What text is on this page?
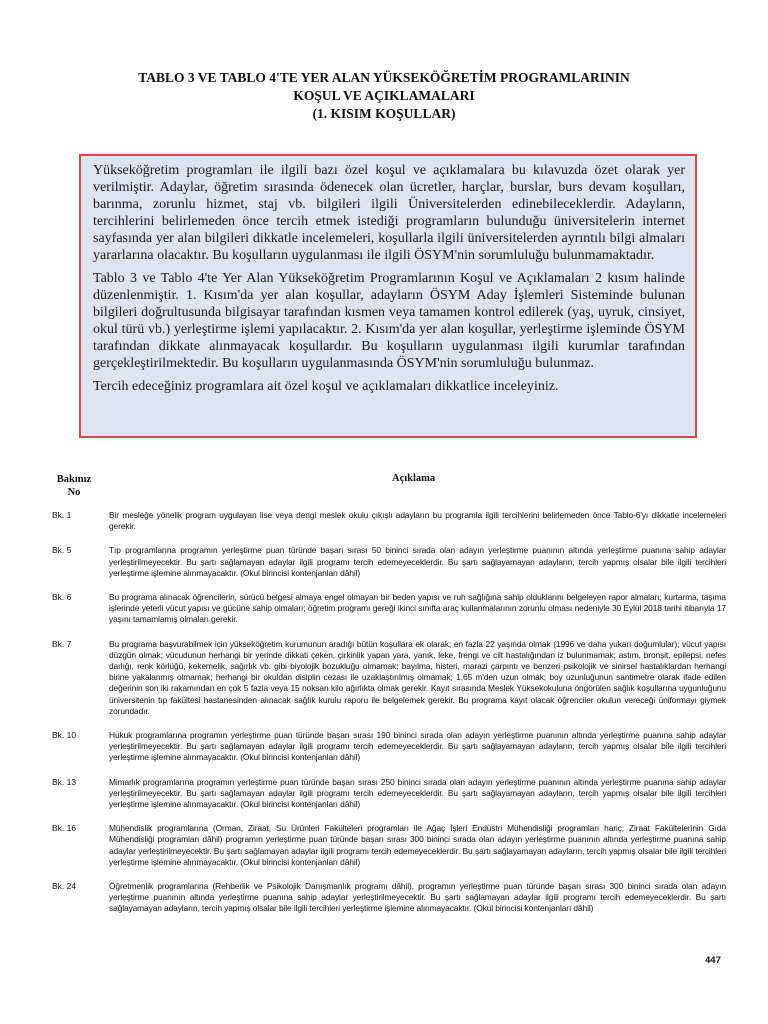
TABLO 3 VE TABLO 4'TE YER ALAN YÜKSEKÖĞRETİM PROGRAMLARININ
KOŞUL VE AÇIKLAMALARI
(1. KISIM KOŞULLAR)

Yükseköğretim programları ile ilgili bazı özel koşul ve açıklamalara bu kılavuzda özet olarak yer verilmiştir. Adaylar, öğretim sırasında ödenecek olan ücretler, harçlar, burslar, burs devam koşulları, barınma, zorunlu hizmet, staj vb. bilgileri ilgili Üniversitelerden edinebileceklerdir. Adayların, tercihlerini belirlemeden önce tercih etmek istediği programların bulunduğu üniversitelerin internet sayfasında yer alan bilgileri dikkatle incelemeleri, koşullarla ilgili üniversitelerden ayrıntılı bilgi almaları yararlarına olacaktır. Bu koşulların uygulanması ile ilgili ÖSYM'nin sorumluluğu bulunmamaktadır.

Tablo 3 ve Tablo 4'te Yer Alan Yükseköğretim Programlarının Koşul ve Açıklamaları 2 kısım halinde düzenlenmiştir. 1. Kısım'da yer alan koşullar, adayların ÖSYM Aday İşlemleri Sisteminde bulunan bilgileri doğrultusunda bilgisayar tarafından kısmen veya tamamen kontrol edilerek (yaş, uyruk, cinsiyet, okul türü vb.) yerleştirme işlemi yapılacaktır. 2. Kısım'da yer alan koşullar, yerleştirme işleminde ÖSYM tarafından dikkate alınmayacak koşullardır. Bu koşulların uygulanması ilgili kurumlar tarafından gerçekleştirilmektedir. Bu koşulların uygulanmasında ÖSYM'nin sorumluluğu bulunmaz.

Tercih edeceğiniz programlara ait özel koşul ve açıklamaları dikkatlice inceleyiniz.

Bakınız
No
Açıklama
Bk. 1	Bir mesleğe yönelik program uygulayan lise veya dengi meslek okulu çıkışlı adayların bu programla ilgili tercihlerini belirlemeden önce Tablo-6'yı dikkatle incelemeleri gerekir.
Bk. 5	Tıp programlarına programın yerleştirme puan türünde başarı sırası 50 bininci sırada olan adayın yerleştirme puanının altında yerleştirme puanına sahip adaylar yerleştirilmeyecektir. Bu şartı sağlamayan adaylar ilgili programı tercih edemeyeceklerdir. Bu şartı sağlayamayan adayların, tercih yapmış olsalar bile ilgili tercihleri yerleştirme işlemine alınmayacaktır. (Okul birincisi kontenjanları dâhil)
Bk. 6	Bu programa alınacak öğrencilerin, sürücü belgesi almaya engel olmayan bir beden yapısı ve ruh sağlığına sahip olduklarını belgeleyen rapor almaları; kurtarma, taşıma işlerinde yeterli vücut yapısı ve gücüne sahip olmaları; öğretim programı gereği ikinci sınıfta araç kullanmalarının zorunlu olması nedeniyle 30 Eylül 2018 tarihi itibarıyla 17 yaşını tamamlamış olmaları gerekir.
Bk. 7	Bu programa başvurabilmek için yükseköğretim kurumunun aradığı bütün koşullara ek olarak; en fazla 22 yaşında olmak (1996 ve daha yukarı doğumlular); vücut yapısı düzgün olmak; vücudunun herhangi bir yerinde dikkati çeken, çirkinlik yapan yara, yanık, leke, frengi ve cilt hastalığından iz bulunmamak; astım, bronşit, epilepsi, nefes darlığı, renk körlüğü, kekemelik, sağırlık vb. gibi biyolojik bozukluğu olmamak; bayılma, histeri, marazi çarpıntı ve benzeri psikolojik ve sinirsel hastalıklardan herhangi birine yakalanmış olmamak; herhangi bir okuldan disiplin cezası ile uzaklaştırılmış olmamak; 1,65 m'den uzun olmak; boy uzunluğunun santimetre olarak ifade edilen değerinin son iki rakamından en çok 5 fazla veya 15 noksan kilo ağırlıkta olmak gerekir. Kayıt sırasında Meslek Yüksekokuluna öngörülen sağlık koşullarına uygunluğunu üniversitenin tıp fakültesi hastanesinden alınacak sağlık kurulu raporu ile belgelemek gerekir. Bu programa kayıt olacak öğrenciler okulun vereceği üniformayı giymek zorundadır.
Bk. 10	Hukuk programlarına programın yerleştirme puan türünde başarı sırası 190 bininci sırada olan adayın yerleştirme puanının altında yerleştirme puanına sahip adaylar yerleştirilmeyecektir. Bu şartı sağlamayan adaylar ilgili programı tercih edemeyeceklerdir. Bu şartı sağlayamayan adayların, tercih yapmış olsalar bile ilgili tercihleri yerleştirme işlemine alınmayacaktır. (Okul birincisi kontenjanları dâhil)
Bk. 13	Mimarlık programlarına programın yerleştirme puan türünde başarı sırası 250 bininci sırada olan adayın yerleştirme puanının altında yerleştirme puanına sahip adaylar yerleştirilmeyecektir. Bu şartı sağlamayan adaylar ilgili programı tercih edemeyeceklerdir. Bu şartı sağlayamayan adayların, tercih yapmış olsalar bile ilgili tercihleri yerleştirme işlemine alınmayacaktır. (Okul birincisi kontenjanları dâhil)
Bk. 16	Mühendislik programlarına (Orman, Ziraat, Su Ürünleri Fakülteleri programları ile Ağaç İşleri Endüstri Mühendisliği programları hariç; Ziraat Fakültelerinin Gıda Mühendisliği programları dâhil) programın yerleştirme puan türünde başarı sırası 300 bininci sırada olan adayın yerleştirme puanının altında yerleştirme puanına sahip adaylar yerleştirilmeyecektir. Bu şartı sağlamayan adaylar ilgili programı tercih edemeyeceklerdir. Bu şartı sağlayamayan adayların, tercih yapmış olsalar bile ilgili tercihleri yerleştirme işlemine alınmayacaktır. (Okul birincisi kontenjanları dâhil)
Bk. 24	Öğretmenlik programlarına (Rehberlik ve Psikolojik Danışmanlık programı dâhil), programın yerleştirme puan türünde başarı sırası 300 bininci sırada olan adayın yerleştirme puanının altında yerleştirme puanına sahip adaylar yerleştirilmeyecektir. Bu şartı sağlamayan adaylar ilgili programı tercih edemeyeceklerdir. Bu şartı sağlayamayan adayların, tercih yapmış olsalar bile ilgili tercihleri yerleştirme işlemine alınmayacaktır. (Okul birincisi kontenjanları dâhil)
447
